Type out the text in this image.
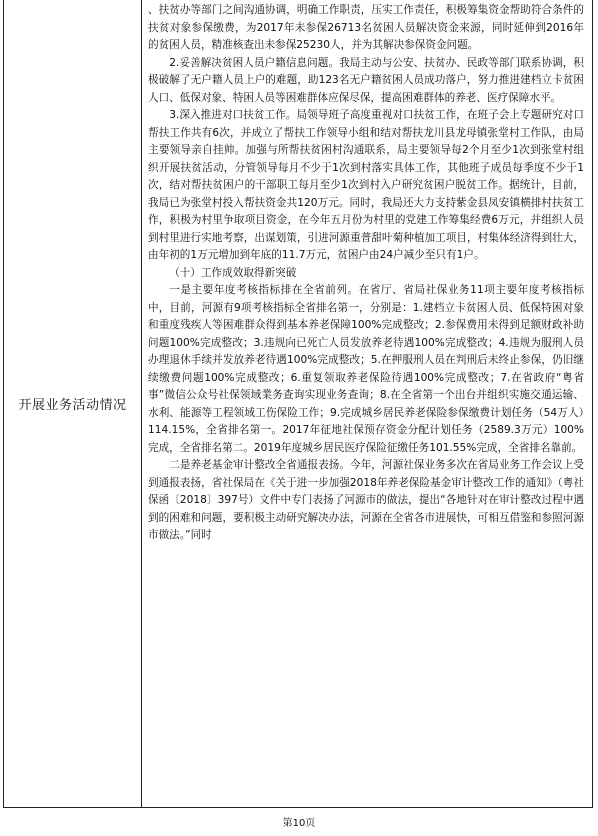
开展业务活动情况

、扶贫办等部门之间沟通协调，明确工作职责，压实工作责任，积极筹集资金帮助符合条件的扶贫对象参保缴费，为2017年未参保26713名贫困人员解决资金来源，同时延伸到2016年的贫困人员，精准核查出未参保25230人，并为其解决参保资金问题。

2.妥善解决贫困人员户籍信息问题。我局主动与公安、扶贫办、民政等部门联系协调，积极破解了无户籍人员上户的难题，助123名无户籍贫困人员成功落户，努力推进建档立卡贫困人口、低保对象、特困人员等困难群体应保尽保，提高困难群体的养老、医疗保障水平。

3.深入推进对口扶贫工作。局领导班子高度重视对口扶贫工作，在班子会上专题研究对口帮扶工作共有6次，并成立了帮扶工作领导小组和结对帮扶龙川县龙母镇张堂村工作队，由局主要领导亲自挂帅。加强与所帮扶贫困村沟通联系，局主要领导每2个月至少1次到张堂村组织开展扶贫活动，分管领导每月不少于1次到村落实具体工作，其他班子成员每季度不少于1次，结对帮扶贫困户的干部职工每月至少1次到村入户研究贫困户脱贫工作。据统计，目前，我局已为张堂村投入帮扶资金共120万元。同时，我局还大力支持紫金县凤安镇横排村扶贫工作，积极为村里争取项目资金，在今年五月份为村里的党建工作筹集经费6万元，并组织人员到村里进行实地考察，出谋划策，引进河源重普甜叶菊种植加工项目，村集体经济得到壮大，由年初的1万元增加到年底的11.7万元，贫困户由24户减少至只有1户。

（十）工作成效取得新突破

一是主要年度考核指标排在全省前列。在省厅、省局社保业务11项主要年度考核指标中，目前，河源有9项考核指标全省排名第一，分别是：1.建档立卡贫困人员、低保特困对象和重度残疾人等困难群众得到基本养老保障100%完成整改；2.参保费用未得到足额财政补助问题100%完成整改；3.违规向已死亡人员发放养老待遇100%完成整改；4.违规为服刑人员办理退休手续并发放养老待遇100%完成整改；5.在押服刑人员在判刑后未终止参保，仍旧继续缴费问题100%完成整改；6.重复领取养老保险待遇100%完成整改；7.在省政府“粤省事”微信公众号社保领域業务查询实现业务查询；8.在全省第一个出台并组织实施交通运输、水利、能源等工程领域工伤保险工作；9.完成城乡居民养老保险参保缴费计划任务（54万人）114.15%，全省排名第一。2017年征地社保预存资金分配计划任务（2589.3万元）100%完成，全省排名第二。2019年度城乡居民医疗保险征缴任务101.55%完成，全省排名靠前。

二是养老基金审计整改全省通报表扬。今年，河源社保业务多次在省局业务工作会议上受到通报表扬，省社保局在《关于进一步加强2018年养老保险基金审计整改工作的通知》（粤社保函〔2018〕397号）文件中专门表扬了河源市的做法，提出“各地针对在审计整改过程中遇到的困难和问题，要积极主动研究解决办法，河源在全省各市进展快，可相互借鉴和参照河源市做法。”同时

第10页
